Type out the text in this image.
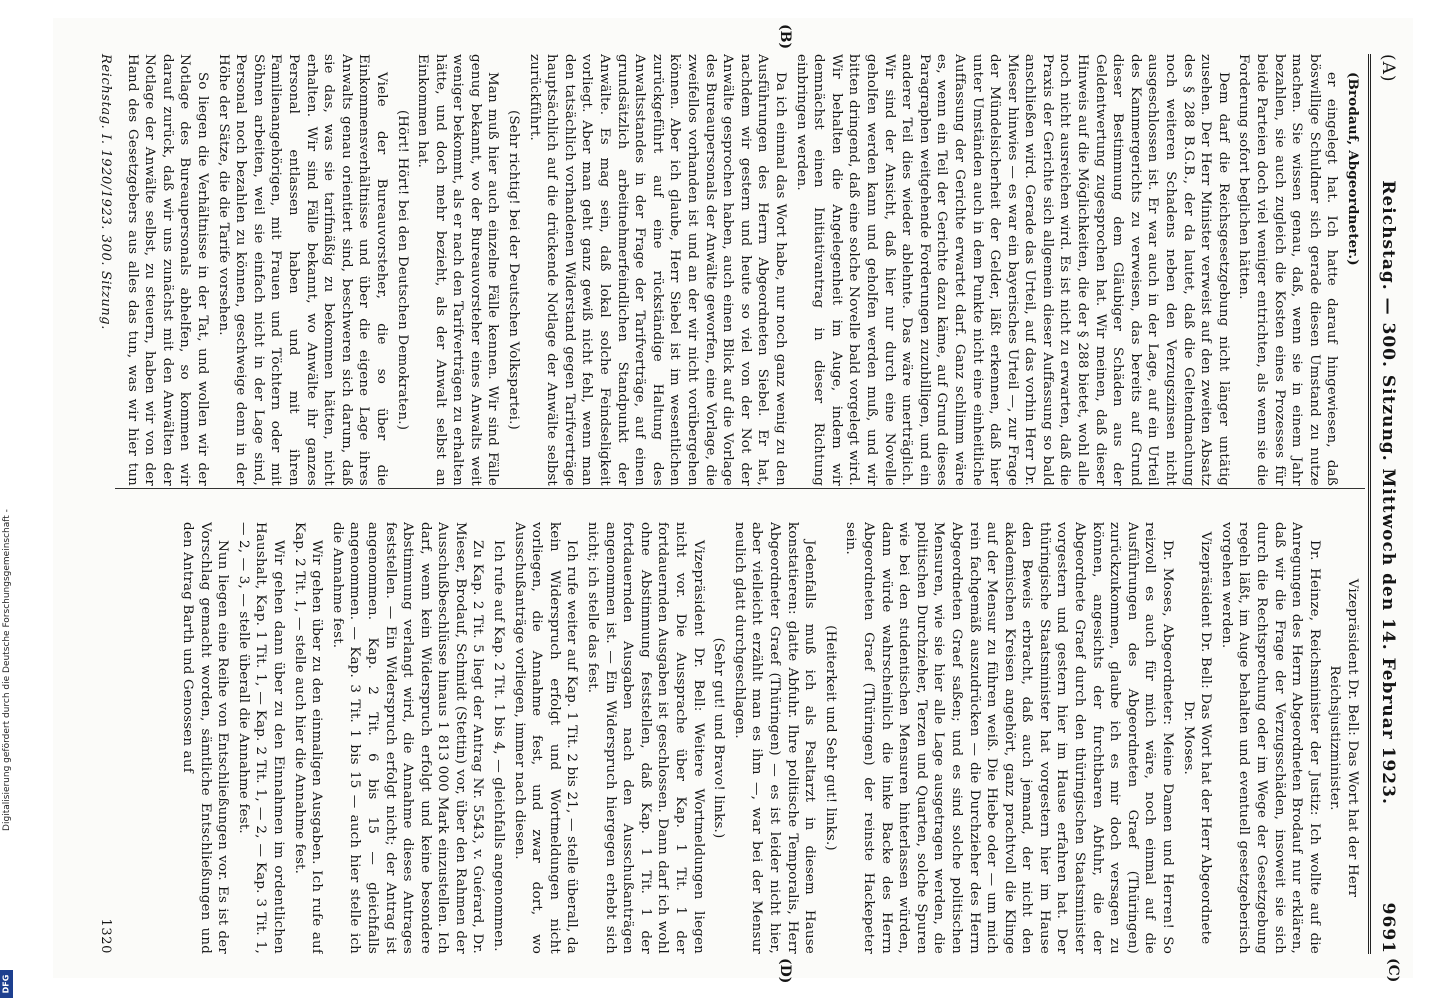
(A)
Reichstag. — 300. Sitzung. Mittwoch den 14. Februar 1923.
9691

(Brodauf, Abgeordneter.)

er eingelegt hat. Ich hatte darauf hingewiesen, daß böswillige Schuldner sich gerade diesen Umstand zu nutze machen. Sie wissen genau, daß, wenn sie in einem Jahr bezahlen, sie auch zugleich die Kosten eines Prozesses für beide Parteien doch viel weniger entrichten, als wenn sie die Forderung sofort beglichen hätten.

Dem darf die Reichsgesetzgebung nicht länger untätig zusehen. Der Herr Minister verweist auf den zweiten Absatz des § 288 B.G.B., der da lautet, daß die Geltendmachung noch weiteren Schadens neben den Verzugszinsen nicht ausgeschlossen ist. Er war auch in der Lage, auf ein Urteil des Kammergerichts zu verweisen, das bereits auf Grund dieser Bestimmung dem Gläubiger Schäden aus der Geldentwertung zugesprochen hat. Wir meinen, daß dieser Hinweis auf die Möglichkeiten, die der § 288 bietet, wohl alle noch nicht ausreichen wird. Es ist nicht zu erwarten, daß die Praxis der Gerichte sich allgemein dieser Auffassung so bald anschließen wird. Gerade das Urteil, auf das vorhin Herr Dr. Mieser hinwies — es war ein bayerisches Urteil —, zur Frage der Mündelsicherheit der Gelder, läßt erkennen, daß hier unter Umständen auch in dem Punkte nicht eine einheitliche Auffassung der Gerichte erwartet darf. Ganz schlimm wäre es, wenn ein Teil der Gerichte dazu käme, auf Grund dieses Paragraphen weitgehende Forderungen zuzubilligen, und ein anderer Teil dies wieder ablehnte. Das wäre unerträglich. Wir sind der Ansicht, daß hier nur durch eine Novelle geholfen werden kann und geholfen werden muß, und wir bitten dringend, daß eine solche Novelle bald vorgelegt wird. Wir behalten die Angelegenheit im Auge, indem wir demnächst einen Initiativantrag in dieser Richtung einbringen werden.

Da ich einmal das Wort habe, nur noch ganz wenig zu den Ausführungen des Herrn Abgeordneten Siebel. Er hat, nachdem wir gestern und heute so viel von der Not der Anwälte gesprochen haben, auch einen Blick auf die Vorlage des Bureaupersonals der Anwälte geworfen, eine Vorlage, die zweifellos vorhanden ist und an der wir nicht vorübergehen können. Aber ich glaube, Herr Siebel ist im wesentlichen zurückgeführt auf eine rückständige Haltung des Anwaltsstandes in der Frage der Tarifverträge, auf einen grundsätzlich arbeitnehmerfeindlichen Standpunkt der Anwälte. Es mag sein, daß lokal solche Feindseligkeit vorliegt. Aber man geht ganz gewiß nicht fehl, wenn man den tatsächlich vorhandenen Widerstand gegen Tarifverträge hauptsächlich auf die drückende Notlage der Anwälte selbst zurückführt.

(Sehr richtig! bei der Deutschen Volkspartei.)

Man muß hier auch einzelne Fälle kennen. Wir sind Fälle genug bekannt, wo der Bureauvorsteher eines Anwalts weit weniger bekommt, als er nach den Tarifverträgen zu erhalten hätte, und doch mehr bezieht, als der Anwalt selbst an Einkommen hat.

(Hört! Hört! bei den Deutschen Demokraten.)

Viele der Bureauvorsteher, die so über die Einkommensverhältnisse und über die eigene Lage ihres Anwalts genau orientiert sind, beschweren sich darum, daß sie das, was sie tarifmäßig zu bekommen hätten, nicht erhalten. Wir sind Fälle bekannt, wo Anwälte ihr ganzes Personal entlassen haben und mit ihren Familienangehörigen, mit Frauen und Töchtern oder mit Söhnen arbeiten, weil sie einfach nicht in der Lage sind, Personal noch bezahlen zu können, geschweige denn in der Höhe der Sätze, die die Tarife vorsehen.

So liegen die Verhältnisse in der Tat, und wollen wir der Notlage des Bureaupersonals abhelfen, so kommen wir darauf zurück, daß wir uns zunächst mit den Anwälten der Notlage der Anwälte selbst, zu steuern, haben wir von der Hand des Gesetzgebers aus alles das tun, was wir hier tun

Vizepräsident Dr. Bell: Das Wort hat der Herr Reichsjustizminister.

Dr. Heinze, Reichsminister der Justiz: Ich wollte auf die Anregungen des Herrn Abgeordneten Brodauf nur erklären, daß wir die Frage der Verzugsschäden, insoweit sie sich durch die Rechtsprechung oder im Wege der Gesetzgebung regeln läßt, im Auge behalten und eventuell gesetzgeberisch vorgehen werden.

Vizepräsident Dr. Bell: Das Wort hat der Herr Abgeordnete Dr. Moses.

Dr. Moses, Abgeordneter: Meine Damen und Herren! So reizvoll es auch für mich wäre, noch einmal auf die Ausführungen des Abgeordneten Graef (Thüringen) zurückzukommen, glaube ich es mir doch versagen zu können, angesichts der furchtbaren Abfuhr, die der Abgeordnete Graef durch den thüringischen Staatsminister vorgestern und gestern hier im Hause erfahren hat. Der thüringische Staatsminister hat vorgestern hier im Hause den Beweis erbracht, daß auch jemand, der nicht den akademischen Kreisen angehört, ganz prachtvoll die Klinge auf der Mensur zu führen weiß. Die Hiebe oder — um mich rein fachgemäß auszudrücken — die Durchzieher des Herrn Abgeordneten Graef saßen; und es sind solche politischen Mensuren, wie sie hier alle Lage ausgetragen werden, die politischen Durchzieher, Terzen und Quarten, solche Spuren wie bei den studentischen Mensuren hinterlassen würden, dann würde wahrscheinlich die linke Backe des Herrn Abgeordneten Graef (Thüringen) der reinste Hackepeter sein.

(Heiterkeit und Sehr gut! links.)

Jedenfalls muß ich als Psaltarzt in diesem Hause konstatieren: glatte Abfuhr. Ihre politische Temporalis, Herr Abgeordneter Graef (Thüringen) — es ist leider nicht hier, aber vielleicht erzählt man es ihm —, war bei der Mensur neulich glatt durchgeschlagen.

(Sehr gut! und Bravo! links.)

Vizepräsident Dr. Bell: Weitere Wortmeldungen liegen nicht vor. Die Aussprache über Kap. 1 Tit. 1 der fortdauernden Ausgaben ist geschlossen. Dann darf ich wohl ohne Abstimmung feststellen, daß Kap. 1 Tit. 1 der fortdauernden Ausgaben nach den Ausschußanträgen angenommen ist. — Ein Widerspruch hiergegen erhebt sich nicht; ich stelle das fest.

Ich rufe weiter auf Kap. 1 Tit. 2 bis 21, — stelle überall, da kein Widerspruch erfolgt und Wortmeldungen nicht vorliegen, die Annahme fest, und zwar dort, wo Ausschußanträge vorliegen, immer nach diesen.

Ich rufe auf Kap. 2 Tit. 1 bis 4, — gleichfalls angenommen.

Zu Kap. 2 Tit. 5 liegt der Antrag Nr. 5543, v. Guérard, Dr. Mieser, Brodauf, Schmidt (Stettin) vor, über den Rahmen der Ausschußbeschlüsse hinaus 1 813 000 Mark einzustellen. Ich darf, wenn kein Widerspruch erfolgt und keine besondere Abstimmung verlangt wird, die Annahme dieses Antrages feststellen. — Ein Widerspruch erfolgt nicht; der Antrag ist angenommen. Kap. 2 Tit. 6 bis 15 — gleichfalls angenommen. — Kap. 3 Tit. 1 bis 15 — auch hier stelle ich die Annahme fest.

Wir gehen über zu den einmaligen Ausgaben. Ich rufe auf Kap. 2 Tit. 1, — stelle auch hier die Annahme fest.

Wir gehen dann über zu den Einnahmen im ordentlichen Haushalt, Kap. 1 Tit. 1, — Kap. 2 Tit. 1, — 2, — Kap. 3 Tit. 1, — 2, — 3, — stelle überall die Annahme fest.

Nun liegen eine Reihe von Entschließungen vor. Es ist der Vorschlag gemacht worden, sämtliche Entschließungen und den Antrag Barth und Genossen auf

(C)
(B)
(D)
Reichstag. I. 1920/1923. 300. Sitzung.
1320
Digitalisierung gefördert durch die Deutsche Forschungsgemeinschaft -
DFG
